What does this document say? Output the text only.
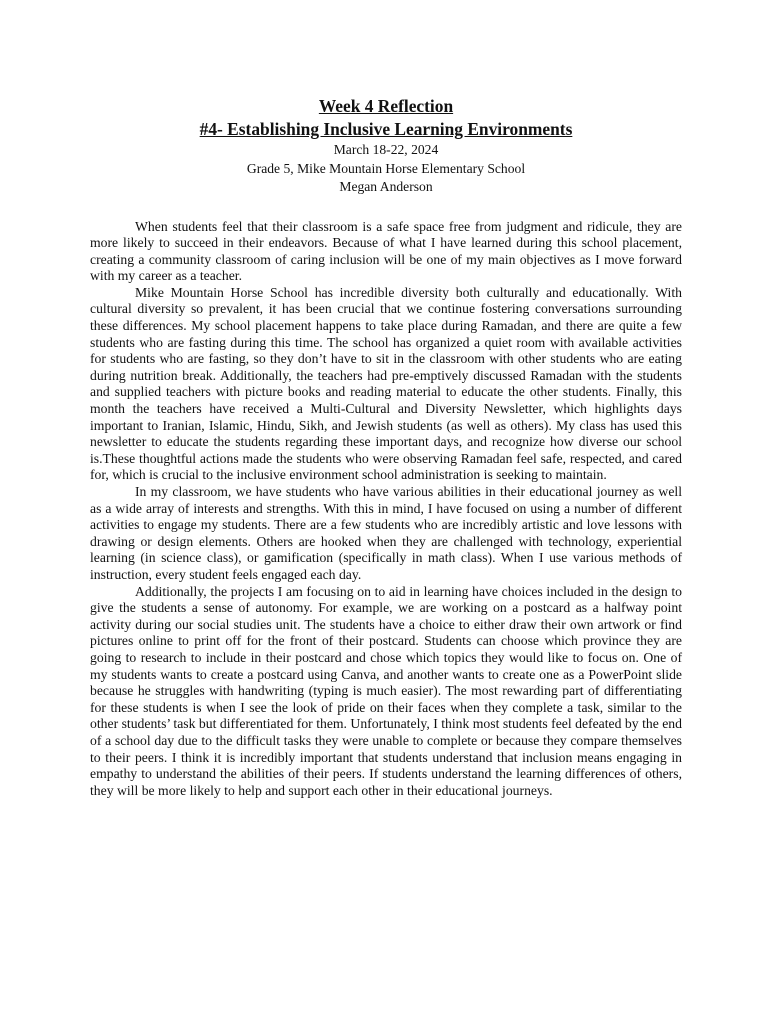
Week 4 Reflection
#4- Establishing Inclusive Learning Environments

March 18-22, 2024

Grade 5, Mike Mountain Horse Elementary School

Megan Anderson

When students feel that their classroom is a safe space free from judgment and ridicule, they are more likely to succeed in their endeavors. Because of what I have learned during this school placement, creating a community classroom of caring inclusion will be one of my main objectives as I move forward with my career as a teacher.

Mike Mountain Horse School has incredible diversity both culturally and educationally. With cultural diversity so prevalent, it has been crucial that we continue fostering conversations surrounding these differences. My school placement happens to take place during Ramadan, and there are quite a few students who are fasting during this time. The school has organized a quiet room with available activities for students who are fasting, so they don’t have to sit in the classroom with other students who are eating during nutrition break. Additionally, the teachers had pre-emptively discussed Ramadan with the students and supplied teachers with picture books and reading material to educate the other students. Finally, this month the teachers have received a Multi-Cultural and Diversity Newsletter, which highlights days important to Iranian, Islamic, Hindu, Sikh, and Jewish students (as well as others). My class has used this newsletter to educate the students regarding these important days, and recognize how diverse our school is.These thoughtful actions made the students who were observing Ramadan feel safe, respected, and cared for, which is crucial to the inclusive environment school administration is seeking to maintain.

In my classroom, we have students who have various abilities in their educational journey as well as a wide array of interests and strengths. With this in mind, I have focused on using a number of different activities to engage my students. There are a few students who are incredibly artistic and love lessons with drawing or design elements. Others are hooked when they are challenged with technology, experiential learning (in science class), or gamification (specifically in math class). When I use various methods of instruction, every student feels engaged each day.

Additionally, the projects I am focusing on to aid in learning have choices included in the design to give the students a sense of autonomy. For example, we are working on a postcard as a halfway point activity during our social studies unit. The students have a choice to either draw their own artwork or find pictures online to print off for the front of their postcard. Students can choose which province they are going to research to include in their postcard and chose which topics they would like to focus on. One of my students wants to create a postcard using Canva, and another wants to create one as a PowerPoint slide because he struggles with handwriting (typing is much easier). The most rewarding part of differentiating for these students is when I see the look of pride on their faces when they complete a task, similar to the other students’ task but differentiated for them. Unfortunately, I think most students feel defeated by the end of a school day due to the difficult tasks they were unable to complete or because they compare themselves to their peers. I think it is incredibly important that students understand that inclusion means engaging in empathy to understand the abilities of their peers. If students understand the learning differences of others, they will be more likely to help and support each other in their educational journeys.
